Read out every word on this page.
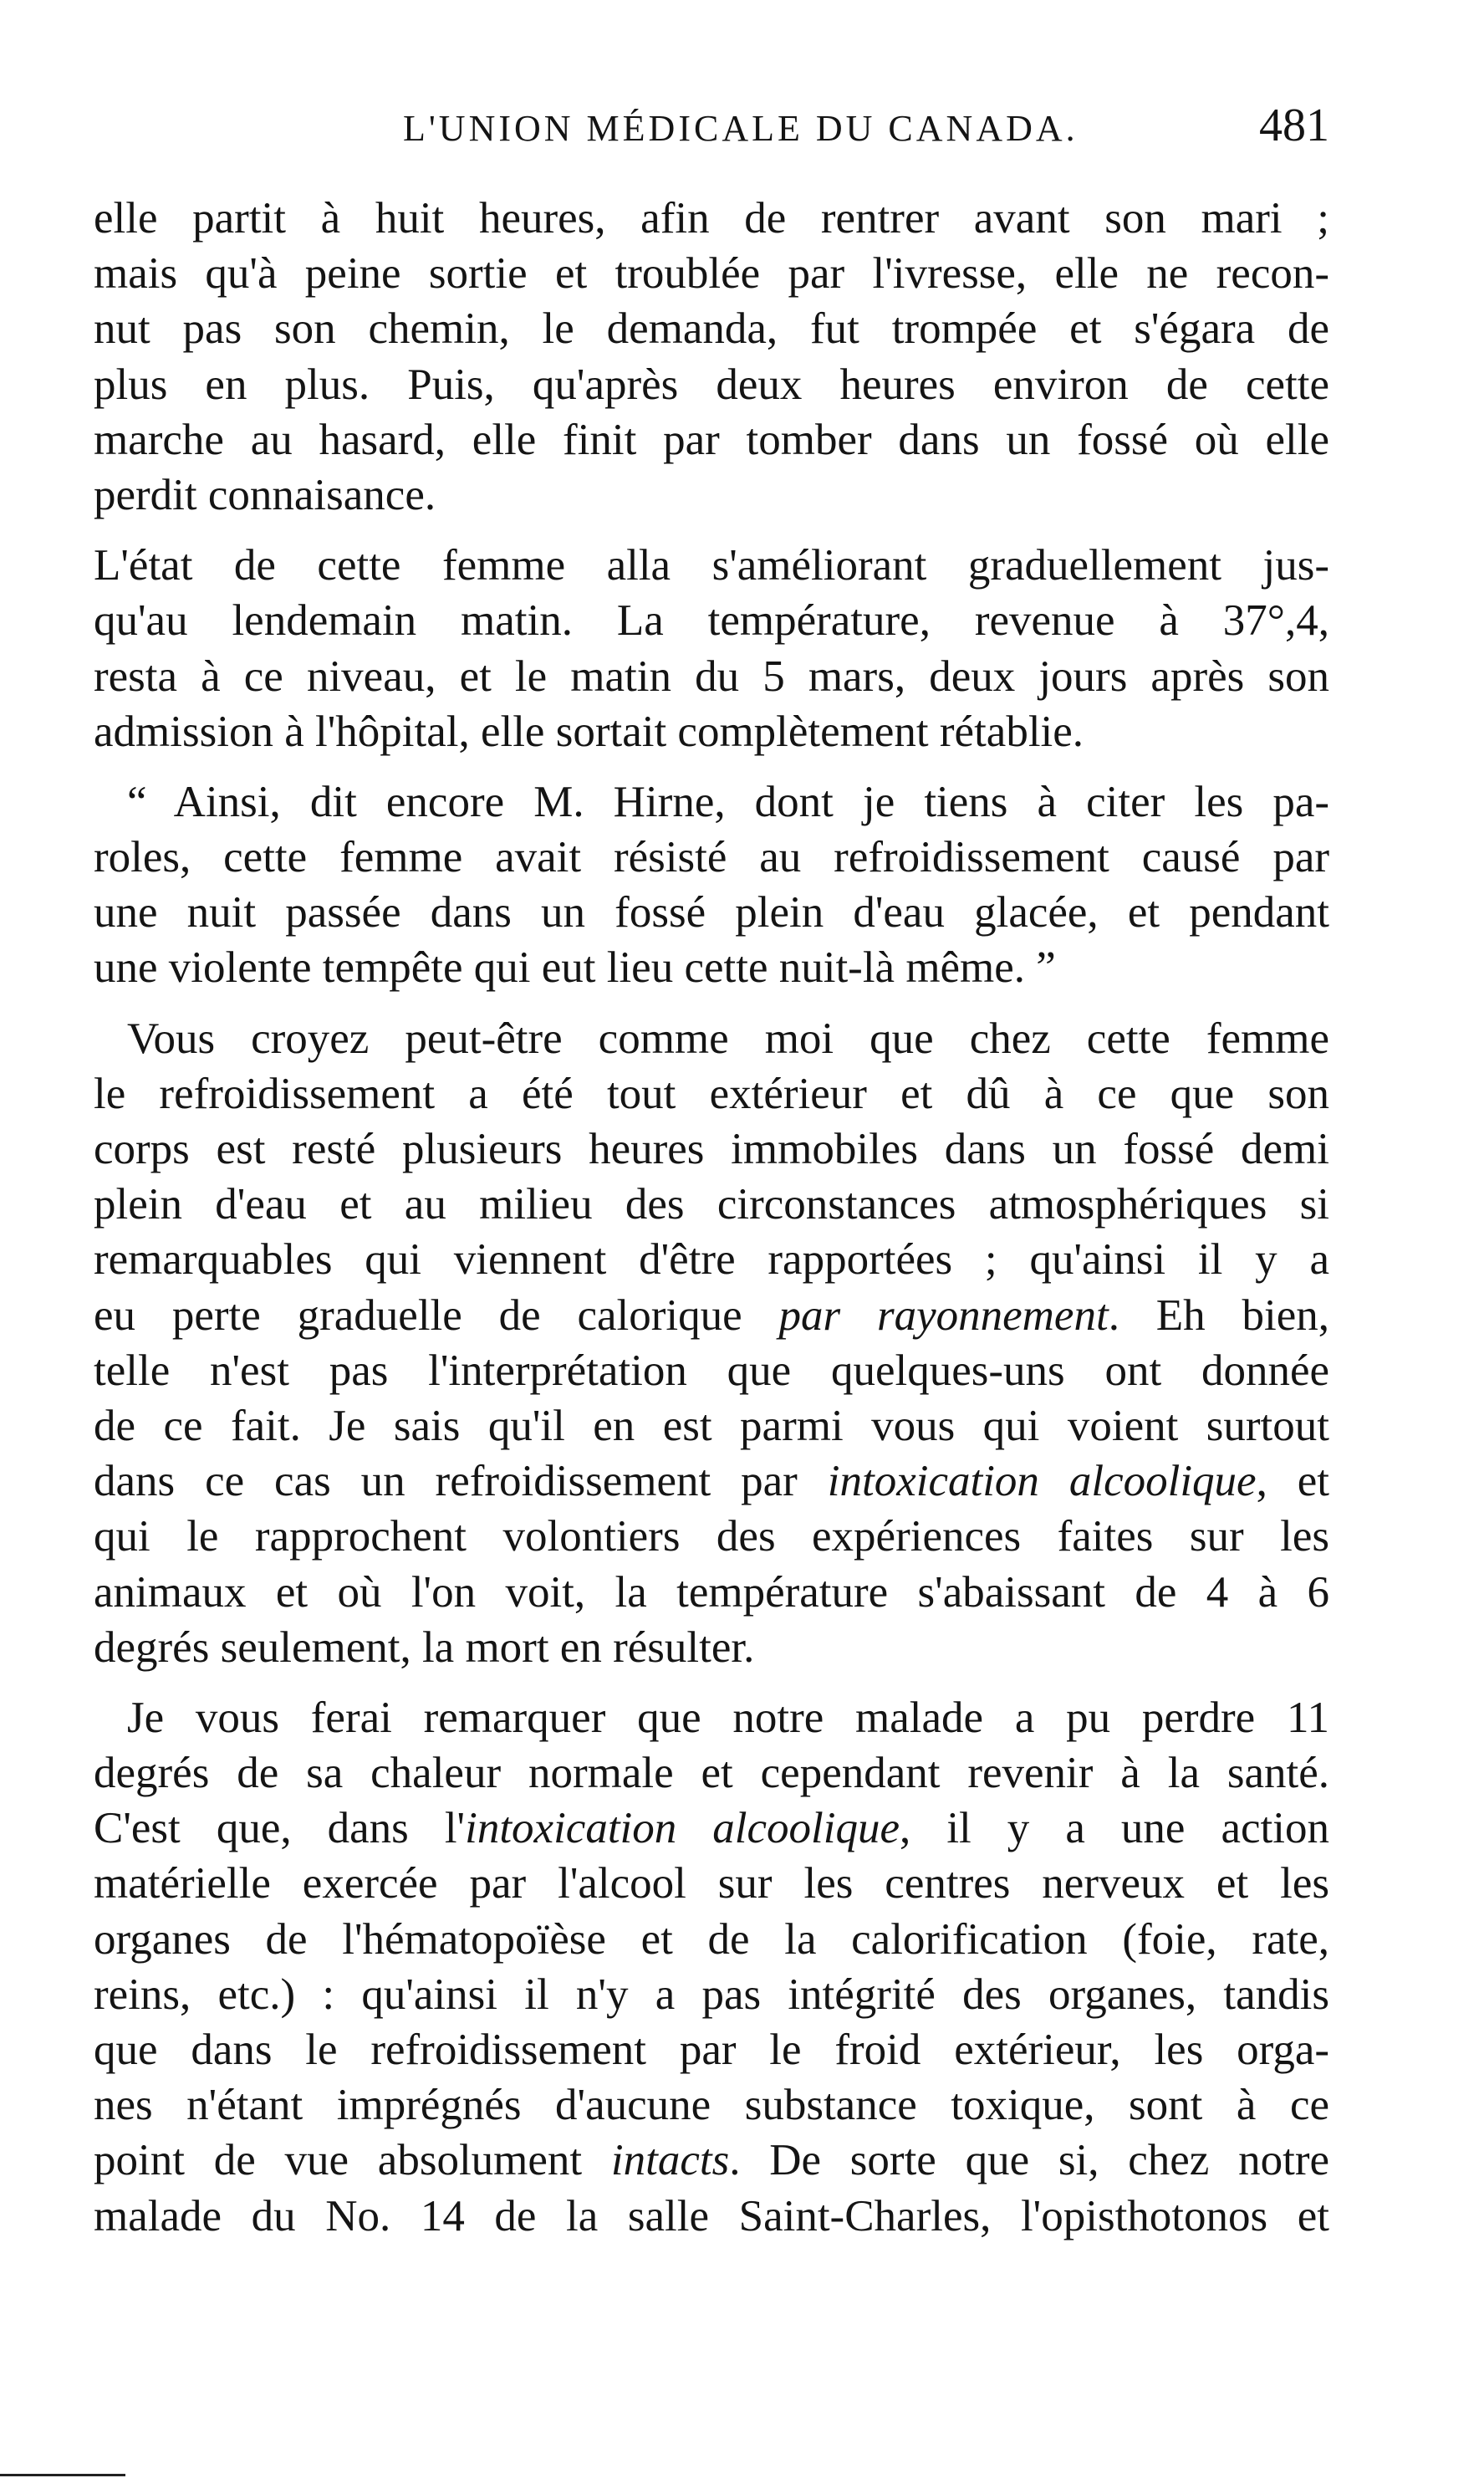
L'UNION MÉDICALE DU CANADA.	481
elle partit à huit heures, afin de rentrer avant son mari ;
mais qu'à peine sortie et troublée par l'ivresse, elle ne recon-
nut pas son chemin, le demanda, fut trompée et s'égara de
plus en plus. Puis, qu'après deux heures environ de cette
marche au hasard, elle finit par tomber dans un fossé où elle
perdit connaisance.
L'état de cette femme alla s'améliorant graduellement jus-
qu'au lendemain matin. La température, revenue à 37°,4,
resta à ce niveau, et le matin du 5 mars, deux jours après son
admission à l'hôpital, elle sortait complètement rétablie.
“ Ainsi, dit encore M. Hirne, dont je tiens à citer les pa-
roles, cette femme avait résisté au refroidissement causé par
une nuit passée dans un fossé plein d'eau glacée, et pendant
une violente tempête qui eut lieu cette nuit-là même. ”
Vous croyez peut-être comme moi que chez cette femme
le refroidissement a été tout extérieur et dû à ce que son
corps est resté plusieurs heures immobiles dans un fossé demi
plein d'eau et au milieu des circonstances atmosphériques si
remarquables qui viennent d'être rapportées ; qu'ainsi il y a
eu perte graduelle de calorique par rayonnement. Eh bien,
telle n'est pas l'interprétation que quelques-uns ont donnée
de ce fait. Je sais qu'il en est parmi vous qui voient surtout
dans ce cas un refroidissement par intoxication alcoolique, et
qui le rapprochent volontiers des expériences faites sur les
animaux et où l'on voit, la température s'abaissant de 4 à 6
degrés seulement, la mort en résulter.
Je vous ferai remarquer que notre malade a pu perdre 11
degrés de sa chaleur normale et cependant revenir à la santé.
C'est que, dans l'intoxication alcoolique, il y a une action
matérielle exercée par l'alcool sur les centres nerveux et les
organes de l'hématopoïèse et de la calorification (foie, rate,
reins, etc.) : qu'ainsi il n'y a pas intégrité des organes, tandis
que dans le refroidissement par le froid extérieur, les orga-
nes n'étant imprégnés d'aucune substance toxique, sont à ce
point de vue absolument intacts. De sorte que si, chez notre
malade du No. 14 de la salle Saint-Charles, l'opisthotonos et
